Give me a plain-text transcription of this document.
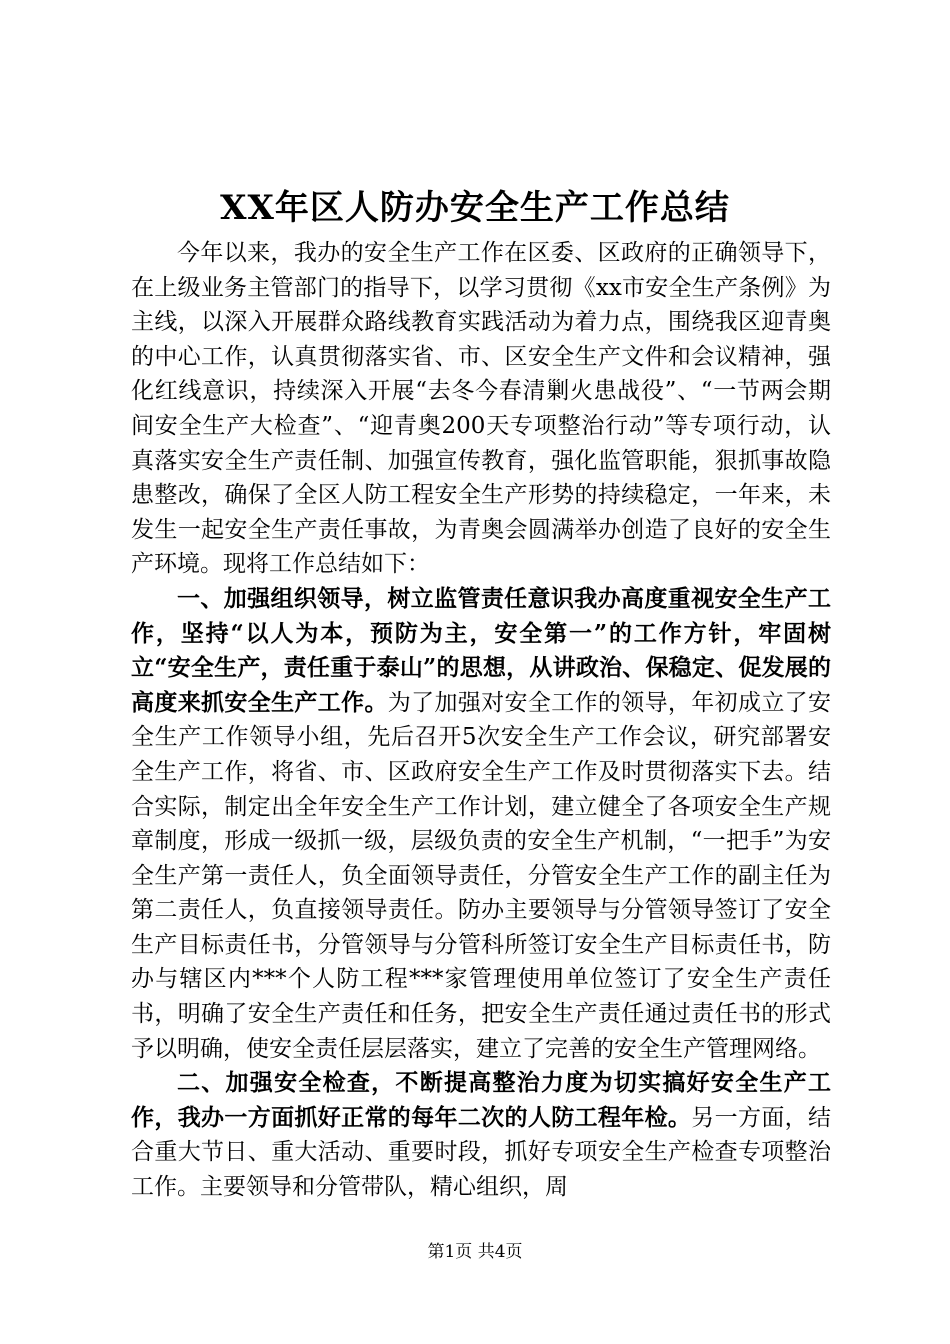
XX年区人防办安全生产工作总结

今年以来，我办的安全生产工作在区委、区政府的正确领导下，在上级业务主管部门的指导下，以学习贯彻《xx市安全生产条例》为主线，以深入开展群众路线教育实践活动为着力点，围绕我区迎青奥的中心工作，认真贯彻落实省、市、区安全生产文件和会议精神，强化红线意识，持续深入开展“去冬今春清剿火患战役”、“一节两会期间安全生产大检查”、“迎青奥200天专项整治行动”等专项行动，认真落实安全生产责任制、加强宣传教育，强化监管职能，狠抓事故隐患整改，确保了全区人防工程安全生产形势的持续稳定，一年来，未发生一起安全生产责任事故，为青奥会圆满举办创造了良好的安全生产环境。现将工作总结如下：

一、加强组织领导，树立监管责任意识我办高度重视安全生产工作，坚持“以人为本，预防为主，安全第一”的工作方针，牢固树立“安全生产，责任重于泰山”的思想，从讲政治、保稳定、促发展的高度来抓安全生产工作。为了加强对安全工作的领导，年初成立了安全生产工作领导小组，先后召开5次安全生产工作会议，研究部署安全生产工作，将省、市、区政府安全生产工作及时贯彻落实下去。结合实际，制定出全年安全生产工作计划，建立健全了各项安全生产规章制度，形成一级抓一级，层级负责的安全生产机制，“一把手”为安全生产第一责任人，负全面领导责任，分管安全生产工作的副主任为第二责任人，负直接领导责任。防办主要领导与分管领导签订了安全生产目标责任书，分管领导与分管科所签订安全生产目标责任书，防办与辖区内***个人防工程***家管理使用单位签订了安全生产责任书，明确了安全生产责任和任务，把安全生产责任通过责任书的形式予以明确，使安全责任层层落实，建立了完善的安全生产管理网络。

二、加强安全检查，不断提高整治力度为切实搞好安全生产工作，我办一方面抓好正常的每年二次的人防工程年检。另一方面，结合重大节日、重大活动、重要时段，抓好专项安全生产检查专项整治工作。主要领导和分管带队，精心组织，周

第1页 共4页
